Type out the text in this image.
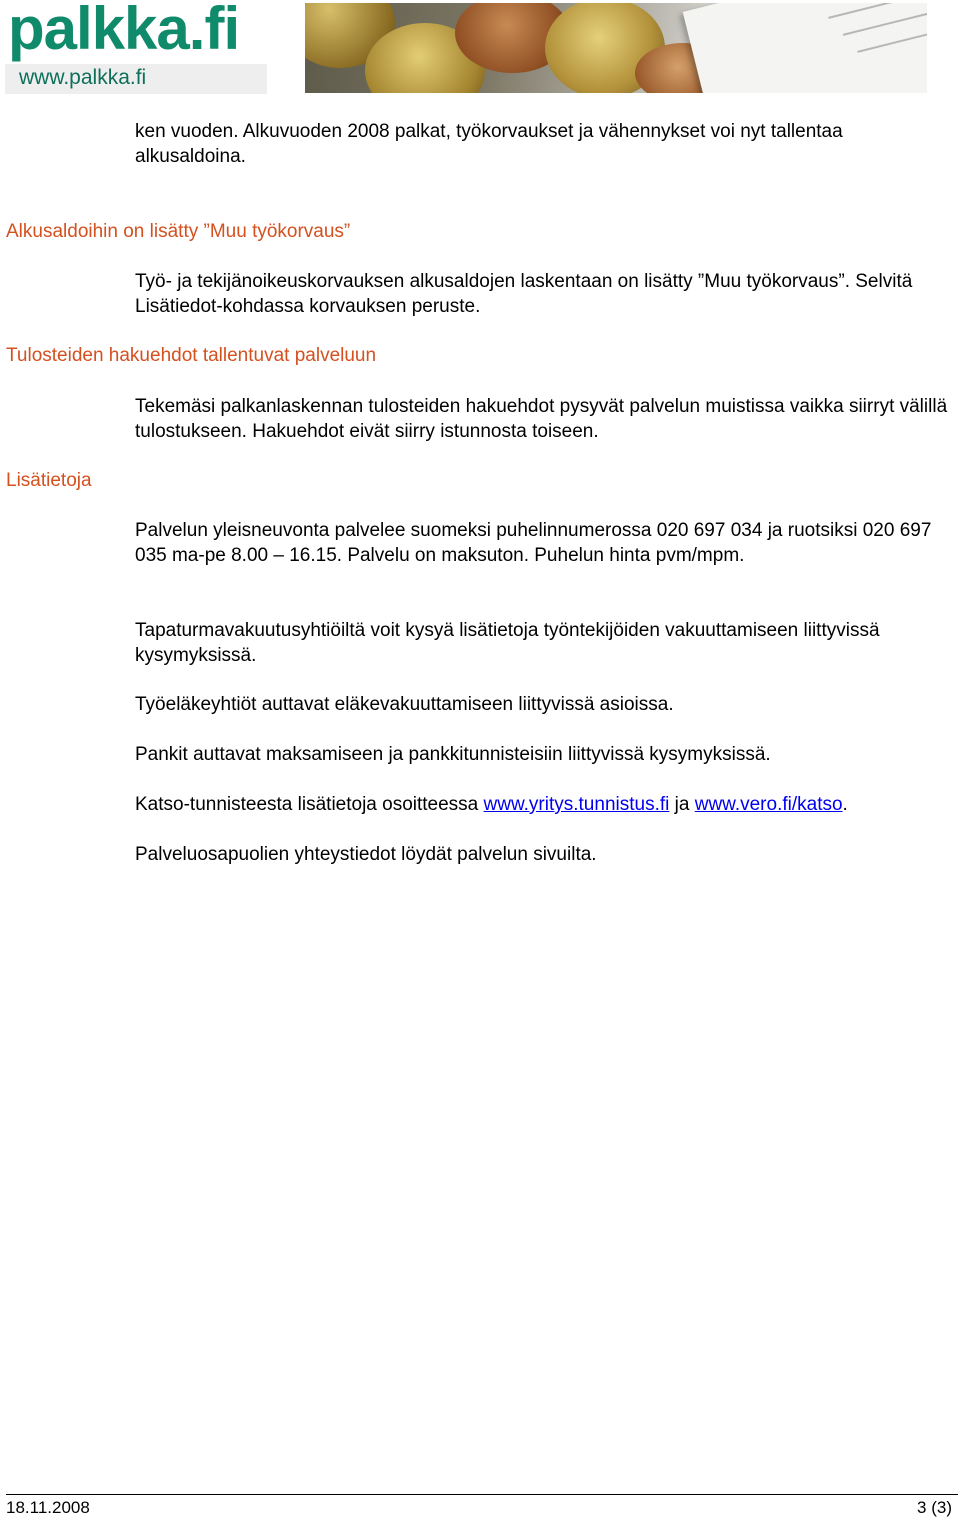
palkka.fi
www.palkka.fi
ken vuoden. Alkuvuoden 2008 palkat, työkorvaukset ja vähennykset voi nyt tallentaa alkusaldoina.
Alkusaldoihin on lisätty ”Muu työkorvaus”
Työ- ja tekijänoikeuskorvauksen alkusaldojen laskentaan on lisätty ”Muu työkorvaus”. Selvitä Lisätiedot-kohdassa korvauksen peruste.
Tulosteiden hakuehdot tallentuvat palveluun
Tekemäsi palkanlaskennan tulosteiden hakuehdot pysyvät palvelun muistissa vaikka siirryt välillä tulostukseen. Hakuehdot eivät siirry istunnosta toiseen.
Lisätietoja
Palvelun yleisneuvonta palvelee suomeksi puhelinnumerossa 020 697 034 ja ruotsiksi 020 697 035 ma-pe 8.00 – 16.15. Palvelu on maksuton. Puhelun hinta pvm/mpm.
Tapaturmavakuutusyhtiöiltä voit kysyä lisätietoja työntekijöiden vakuuttamiseen liittyvissä kysymyksissä.
Työeläkeyhtiöt auttavat eläkevakuuttamiseen liittyvissä asioissa.
Pankit auttavat maksamiseen ja pankkitunnisteisiin liittyvissä kysymyksissä.
Katso-tunnisteesta lisätietoja osoitteessa www.yritys.tunnistus.fi ja www.vero.fi/katso.
Palveluosapuolien yhteystiedot löydät palvelun sivuilta.
18.11.2008	3 (3)
